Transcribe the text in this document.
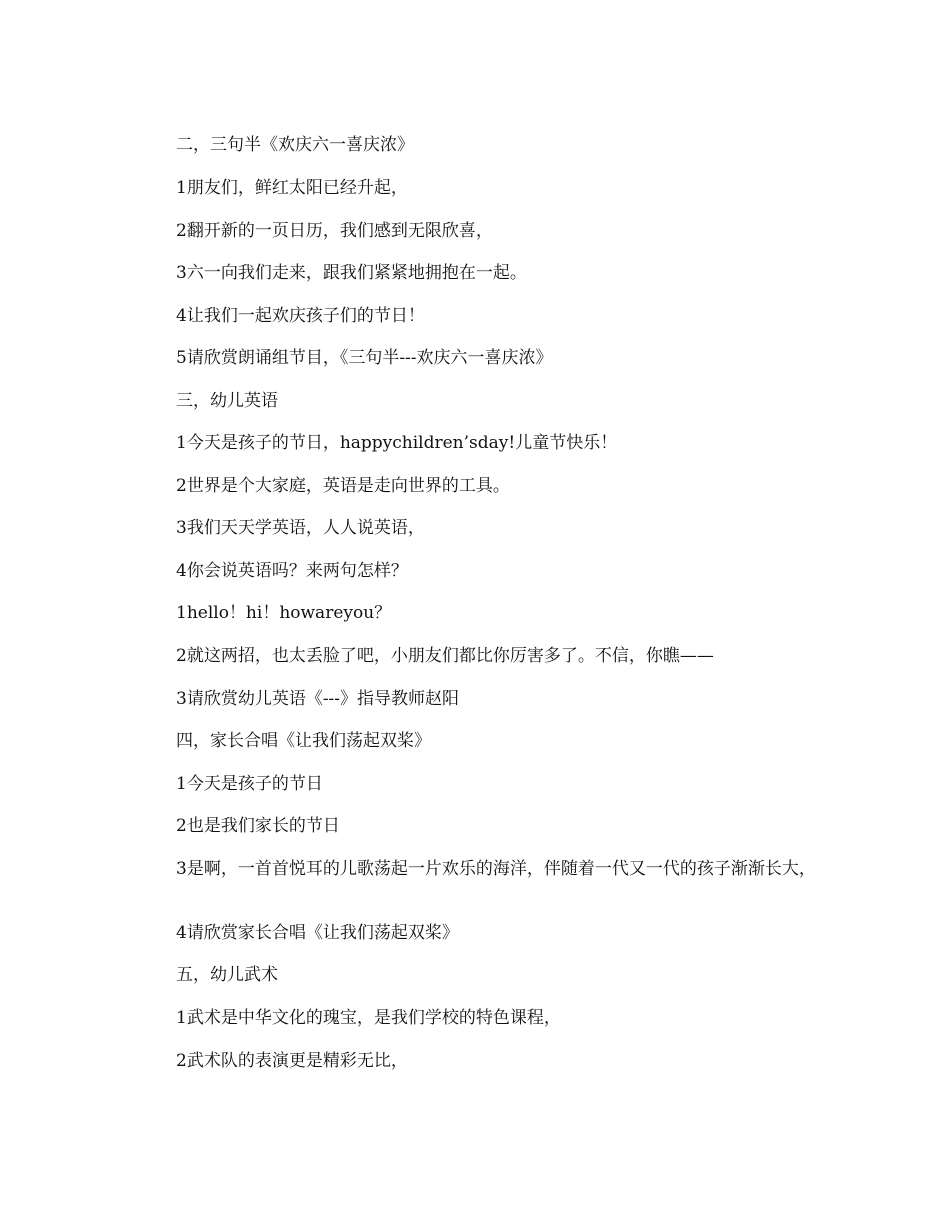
二，三句半《欢庆六一喜庆浓》

1朋友们，鲜红太阳已经升起，

2翻开新的一页日历，我们感到无限欣喜，

3六一向我们走来，跟我们紧紧地拥抱在一起。

4让我们一起欢庆孩子们的节日！

5请欣赏朗诵组节目，《三句半---欢庆六一喜庆浓》

三，幼儿英语

1今天是孩子的节日，happychildren’sday!儿童节快乐！

2世界是个大家庭，英语是走向世界的工具。

3我们天天学英语，人人说英语，

4你会说英语吗？来两句怎样？

1hello！hi！howareyou？

2就这两招，也太丢脸了吧，小朋友们都比你厉害多了。不信，你瞧——

3请欣赏幼儿英语《---》指导教师赵阳

四，家长合唱《让我们荡起双桨》

1今天是孩子的节日

2也是我们家长的节日

3是啊，一首首悦耳的儿歌荡起一片欢乐的海洋，伴随着一代又一代的孩子渐渐长大，

4请欣赏家长合唱《让我们荡起双桨》

五，幼儿武术

1武术是中华文化的瑰宝，是我们学校的特色课程，

2武术队的表演更是精彩无比，
